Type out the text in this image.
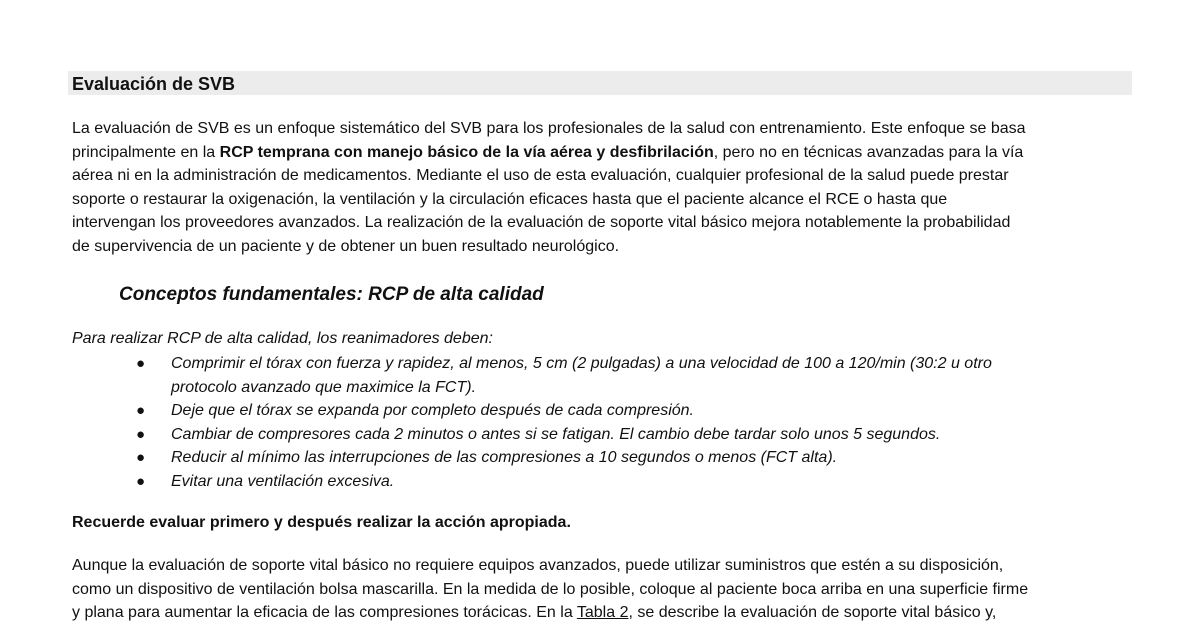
Evaluación de SVB

La evaluación de SVB es un enfoque sistemático del SVB para los profesionales de la salud con entrenamiento. Este enfoque se basa
principalmente en la RCP temprana con manejo básico de la vía aérea y desfibrilación, pero no en técnicas avanzadas para la vía
aérea ni en la administración de medicamentos. Mediante el uso de esta evaluación, cualquier profesional de la salud puede prestar
soporte o restaurar la oxigenación, la ventilación y la circulación eficaces hasta que el paciente alcance el RCE o hasta que
intervengan los proveedores avanzados. La realización de la evaluación de soporte vital básico mejora notablemente la probabilidad
de supervivencia de un paciente y de obtener un buen resultado neurológico.

Conceptos fundamentales: RCP de alta calidad
Para realizar RCP de alta calidad, los reanimadores deben:
● Comprimir el tórax con fuerza y rapidez, al menos, 5 cm (2 pulgadas) a una velocidad de 100 a 120/min (30:2 u otro
protocolo avanzado que maximice la FCT).
● Deje que el tórax se expanda por completo después de cada compresión.
● Cambiar de compresores cada 2 minutos o antes si se fatigan. El cambio debe tardar solo unos 5 segundos.
● Reducir al mínimo las interrupciones de las compresiones a 10 segundos o menos (FCT alta).
● Evitar una ventilación excesiva.
Recuerde evaluar primero y después realizar la acción apropiada.

Aunque la evaluación de soporte vital básico no requiere equipos avanzados, puede utilizar suministros que estén a su disposición,
como un dispositivo de ventilación bolsa mascarilla. En la medida de lo posible, coloque al paciente boca arriba en una superficie firme
y plana para aumentar la eficacia de las compresiones torácicas. En la Tabla 2, se describe la evaluación de soporte vital básico y,
